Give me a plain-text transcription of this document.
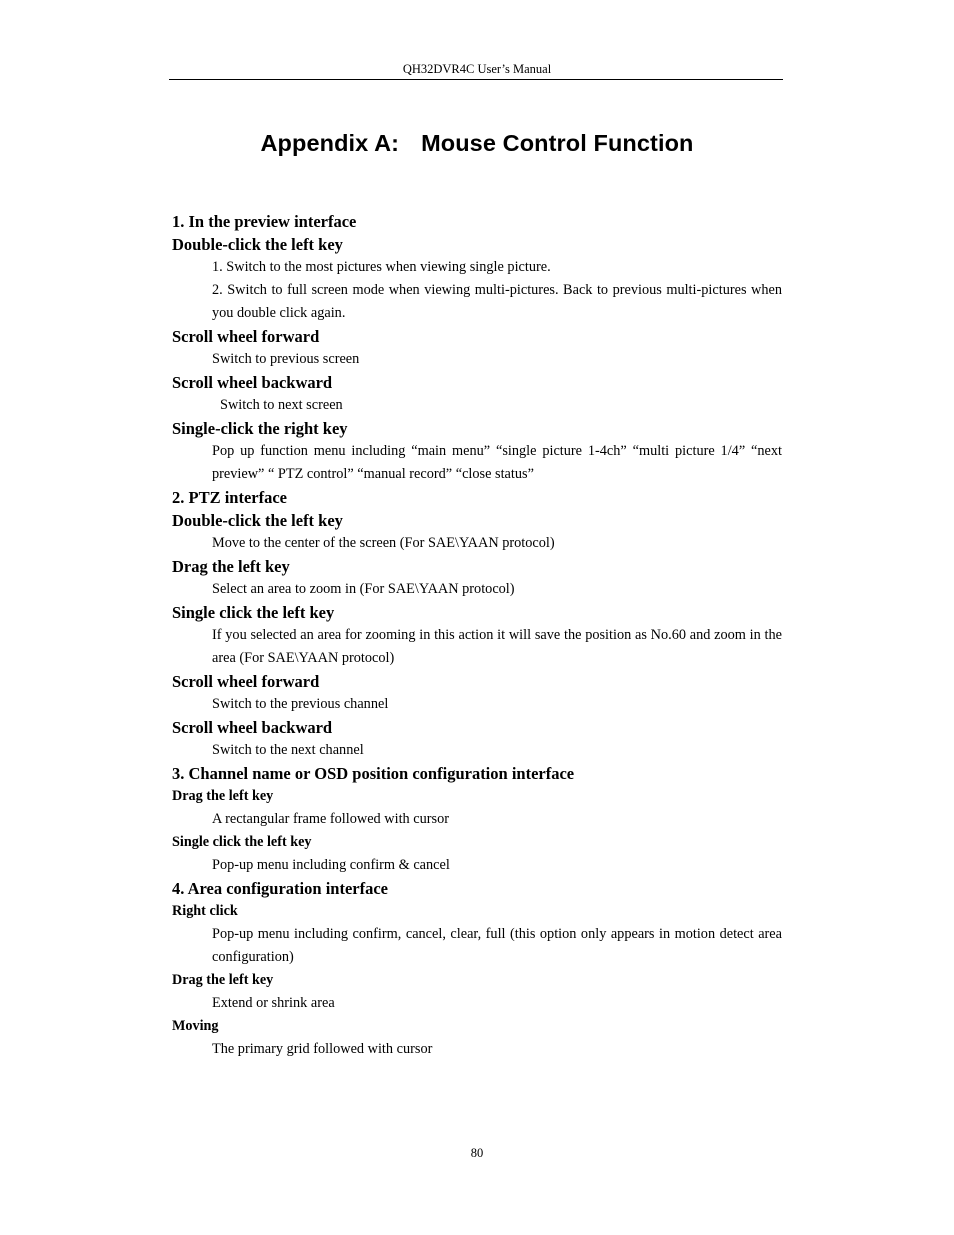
QH32DVR4C User’s Manual
Appendix A: Mouse Control Function
1. In the preview interface
Double-click the left key
1. Switch to the most pictures when viewing single picture.
2. Switch to full screen mode when viewing multi-pictures. Back to previous multi-pictures when you double click again.
Scroll wheel forward
Switch to previous screen
Scroll wheel backward
Switch to next screen
Single-click the right key
Pop up function menu including “main menu” “single picture 1-4ch” “multi picture 1/4” “next preview” “ PTZ control” “manual record” “close status”
2. PTZ interface
Double-click the left key
Move to the center of the screen (For SAE\YAAN protocol)
Drag the left key
Select an area to zoom in (For SAE\YAAN protocol)
Single click the left key
If you selected an area for zooming in this action it will save the position as No.60 and zoom in the area (For SAE\YAAN protocol)
Scroll wheel forward
Switch to the previous channel
Scroll wheel backward
Switch to the next channel
3. Channel name or OSD position configuration interface
Drag the left key
A rectangular frame followed with cursor
Single click the left key
Pop-up menu including confirm & cancel
4. Area configuration interface
Right click
Pop-up menu including confirm, cancel, clear, full (this option only appears in motion detect area configuration)
Drag the left key
Extend or shrink area
Moving
The primary grid followed with cursor
80
